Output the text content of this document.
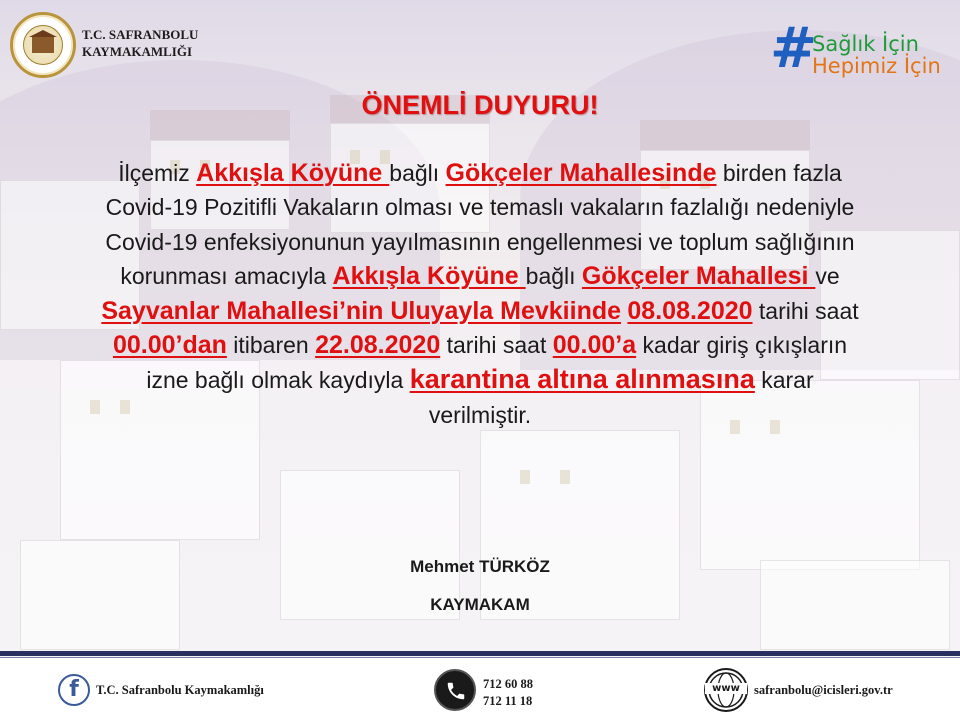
T.C. SAFRANBOLU
KAYMAKAMLIĞI	#
Sağlık İçin
Hepimiz İçin
ÖNEMLİ DUYURU!
İlçemiz Akkışla Köyüne bağlı Gökçeler Mahallesinde birden fazla Covid-19 Pozitifli Vakaların olması ve temaslı vakaların fazlalığı nedeniyle Covid-19 enfeksiyonunun yayılmasının engellenmesi ve toplum sağlığının korunması amacıyla Akkışla Köyüne bağlı Gökçeler Mahallesi ve Sayvanlar Mahallesi’nin Uluyayla Mevkiinde 08.08.2020 tarihi saat 00.00’dan itibaren 22.08.2020 tarihi saat 00.00’a kadar giriş çıkışların izne bağlı olmak kaydıyla karantina altına alınmasına karar verilmiştir.
Mehmet TÜRKÖZ
KAYMAKAM
f	T.C. Safranbolu Kaymakamlığı	712 60 88
712 11 18
www	safranbolu@icisleri.gov.tr
